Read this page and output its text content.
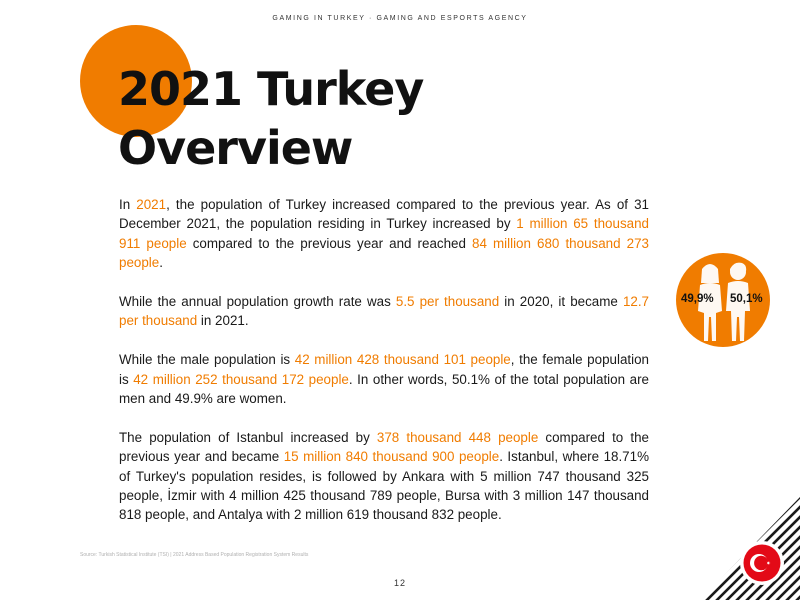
GAMING IN TURKEY · GAMING AND ESPORTS AGENCY
2021 Turkey
Overview

In 2021, the population of Turkey increased compared to the previous year. As of 31 December 2021, the population residing in Turkey increased by 1 million 65 thousand 911 people compared to the previous year and reached 84 million 680 thousand 273 people.

While the annual population growth rate was 5.5 per thousand in 2020, it became 12.7 per thousand in 2021.

While the male population is 42 million 428 thousand 101 people, the female population is 42 million 252 thousand 172 people. In other words, 50.1% of the total population are men and 49.9% are women.

The population of Istanbul increased by 378 thousand 448 people compared to the previous year and became 15 million 840 thousand 900 people. Istanbul, where 18.71% of Turkey's population resides, is followed by Ankara with 5 million 747 thousand 325 people, İzmir with 4 million 425 thousand 789 people, Bursa with 3 million 147 thousand 818 people, and Antalya with 2 million 619 thousand 832 people.

49,9% 50,1%
Source: Turkish Statistical Institute (TSI) | 2021 Address Based Population Registration System Results
12
